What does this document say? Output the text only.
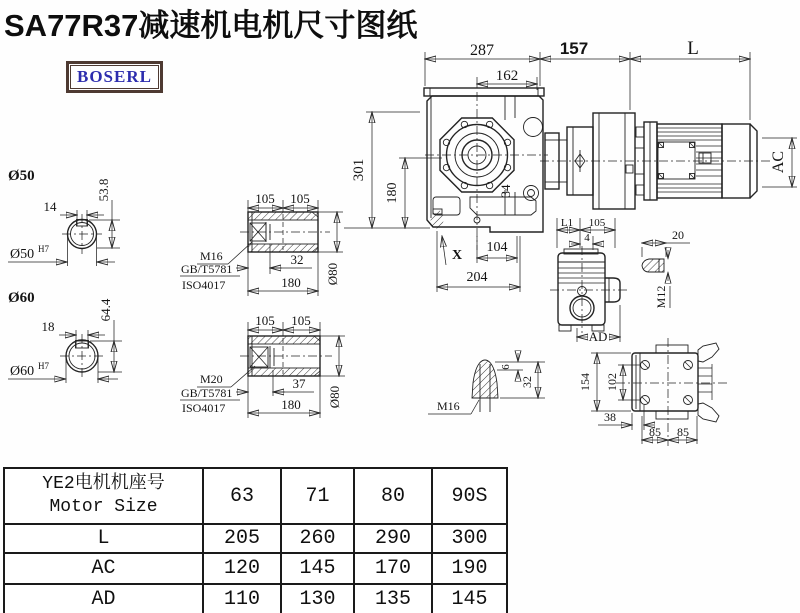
SA77R37减速机电机尺寸图纸
BOSERL
287	157	L
162
301
180	34
AC
X
104
204
Ø50
14
53.8
Ø50 H7
Ø60
18
64.4
Ø60 H7
105 105
M16
GB/T5781
ISO4017
32
180 Ø80
105 105
M20
GB/T5781
ISO4017
37
180 Ø80
L1 105
4
AD
20
M12
M16
6
32	154 102
38
85 85
YE2电机机座号
Motor Size	63	71	80	90S
L	205	260	290	300
AC	120	145	170	190
AD	110	130	135	145
